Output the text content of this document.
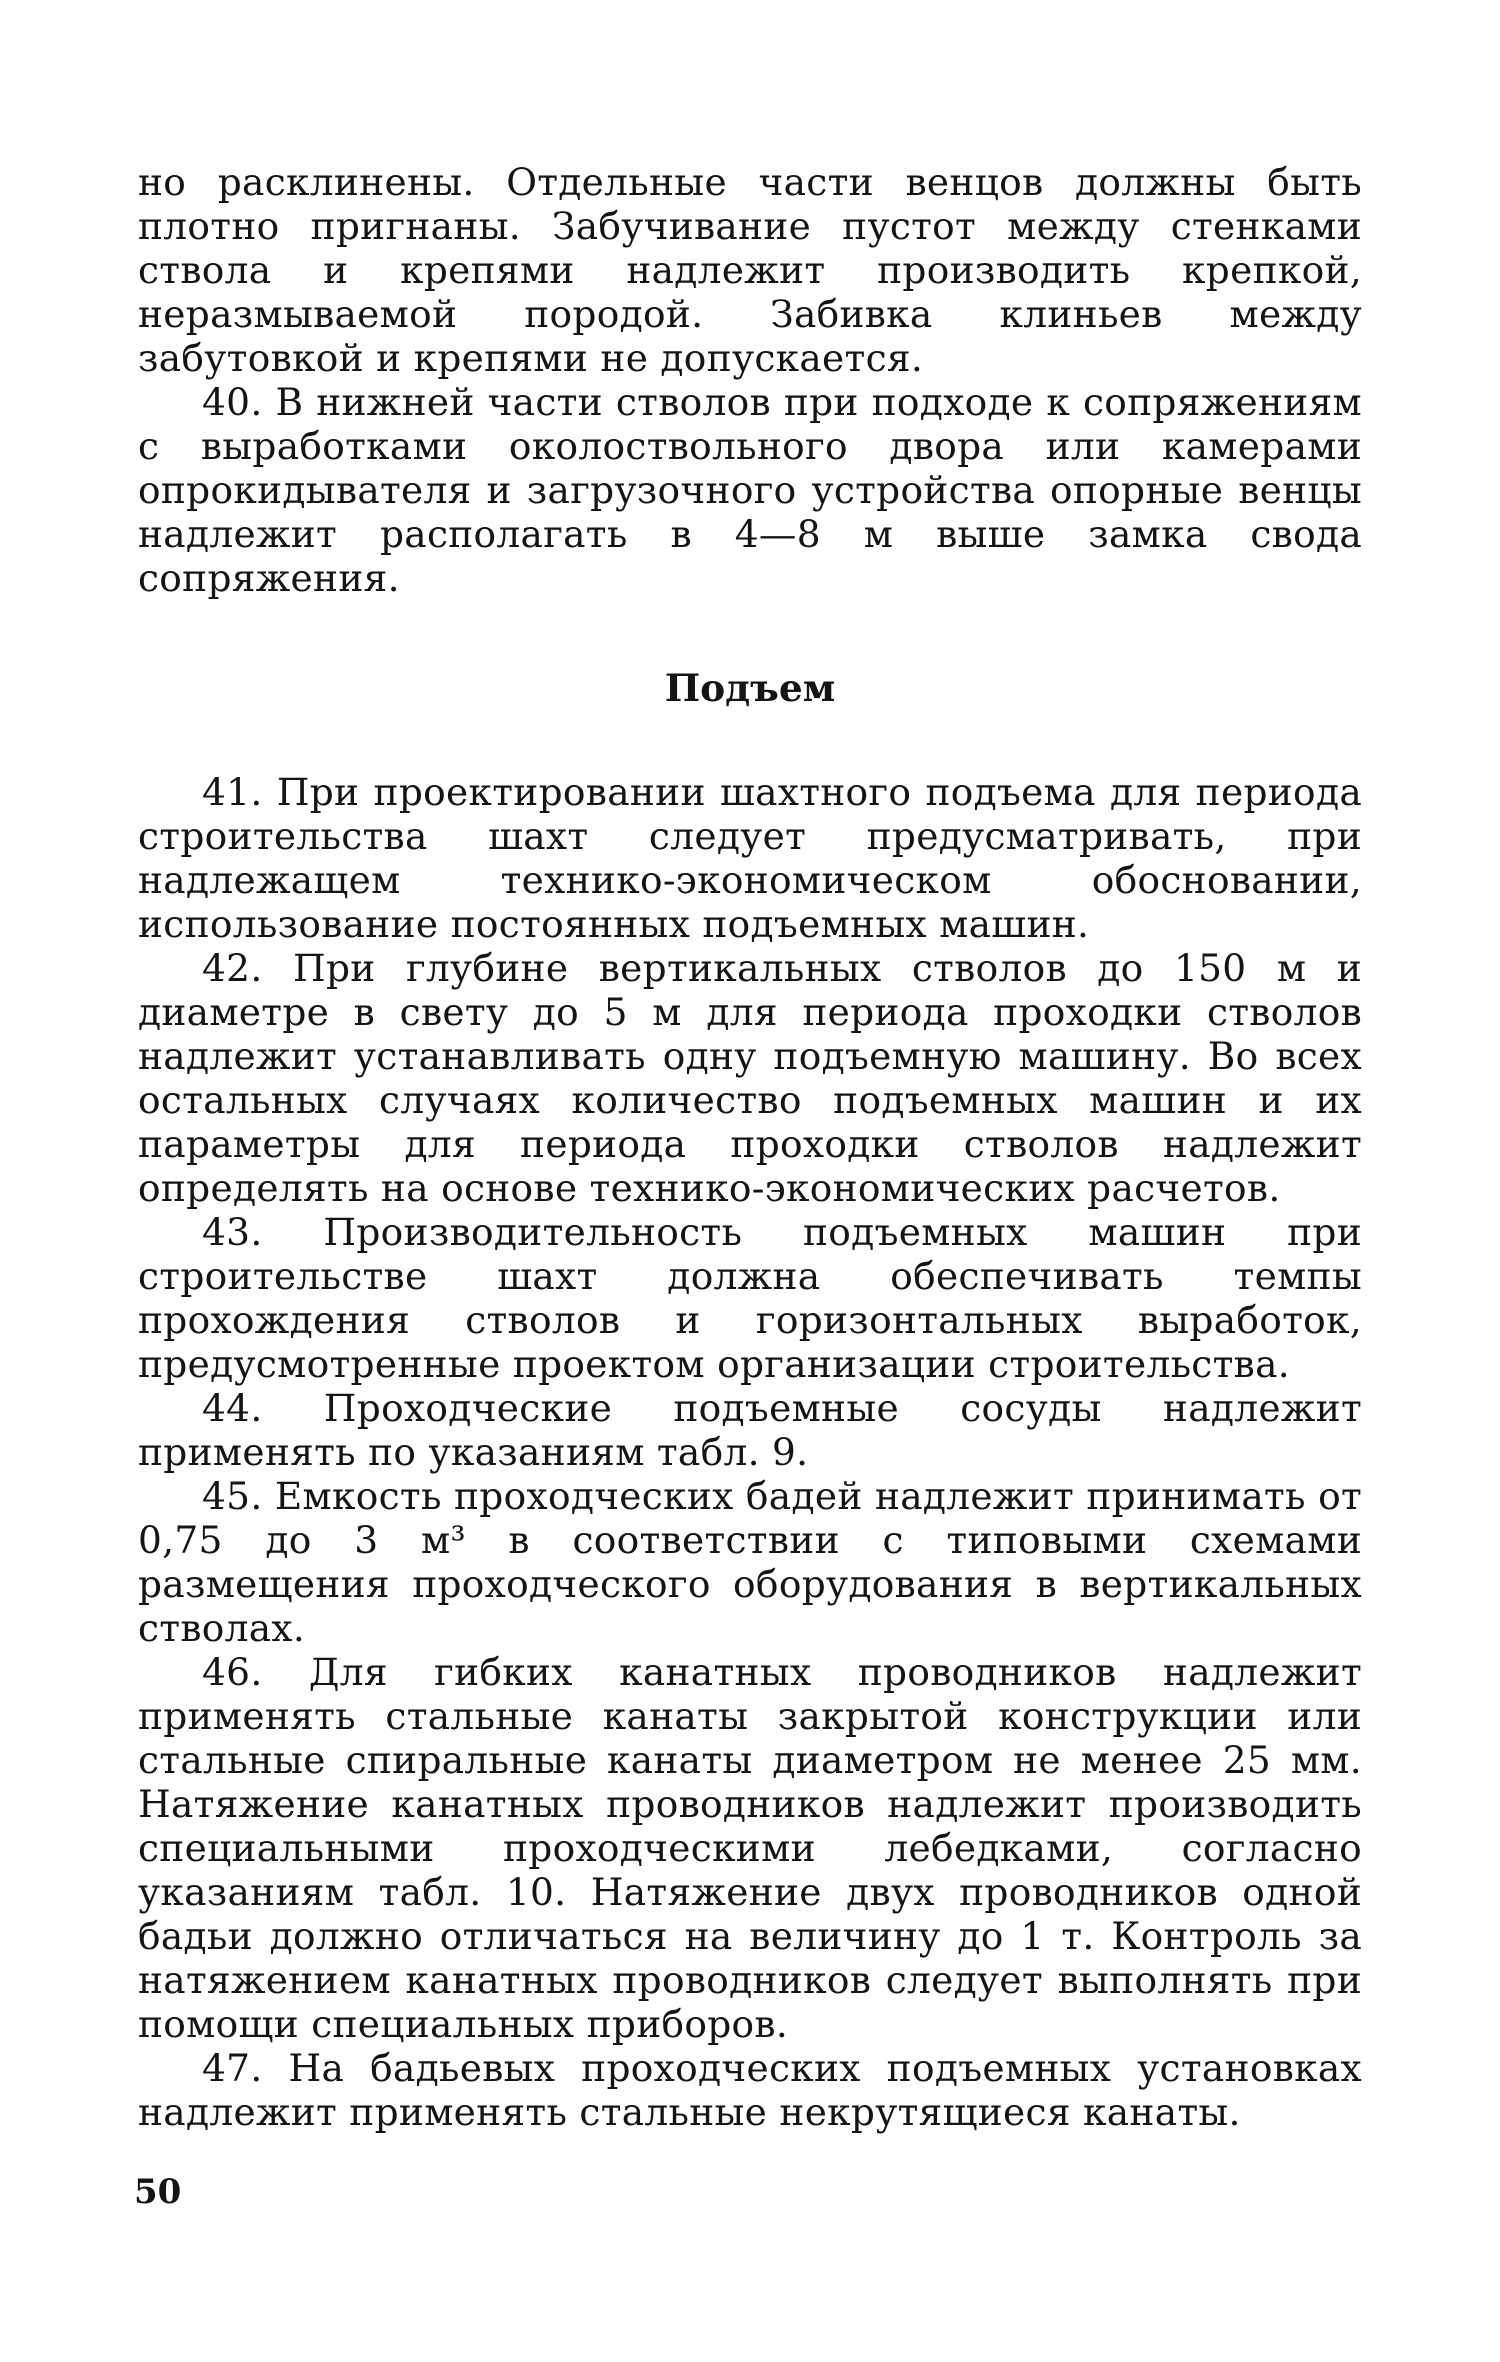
но расклинены. Отдельные части венцов должны быть плотно пригнаны. Забучивание пустот между стенками ствола и крепями надлежит производить крепкой, неразмываемой породой. Забивка клиньев между забутовкой и крепями не допускается.

40. В нижней части стволов при подходе к сопряжениям с выработками околоствольного двора или камерами опрокидывателя и загрузочного устройства опорные венцы надлежит располагать в 4—8 м выше замка свода сопряжения.

Подъем

41. При проектировании шахтного подъема для периода строительства шахт следует предусматривать, при надлежащем технико-экономическом обосновании, использование постоянных подъемных машин.

42. При глубине вертикальных стволов до 150 м и диаметре в свету до 5 м для периода проходки стволов надлежит устанавливать одну подъемную машину. Во всех остальных случаях количество подъемных машин и их параметры для периода проходки стволов надлежит определять на основе технико-экономических расчетов.

43. Производительность подъемных машин при строительстве шахт должна обеспечивать темпы прохождения стволов и горизонтальных выработок, предусмотренные проектом организации строительства.

44. Проходческие подъемные сосуды надлежит применять по указаниям табл. 9.

45. Емкость проходческих бадей надлежит принимать от 0,75 до 3 м³ в соответствии с типовыми схемами размещения проходческого оборудования в вертикальных стволах.

46. Для гибких канатных проводников надлежит применять стальные канаты закрытой конструкции или стальные спиральные канаты диаметром не менее 25 мм. Натяжение канатных проводников надлежит производить специальными проходческими лебедками, согласно указаниям табл. 10. Натяжение двух проводников одной бадьи должно отличаться на величину до 1 т. Контроль за натяжением канатных проводников следует выполнять при помощи специальных приборов.

47. На бадьевых проходческих подъемных установках надлежит применять стальные некрутящиеся канаты.

50
